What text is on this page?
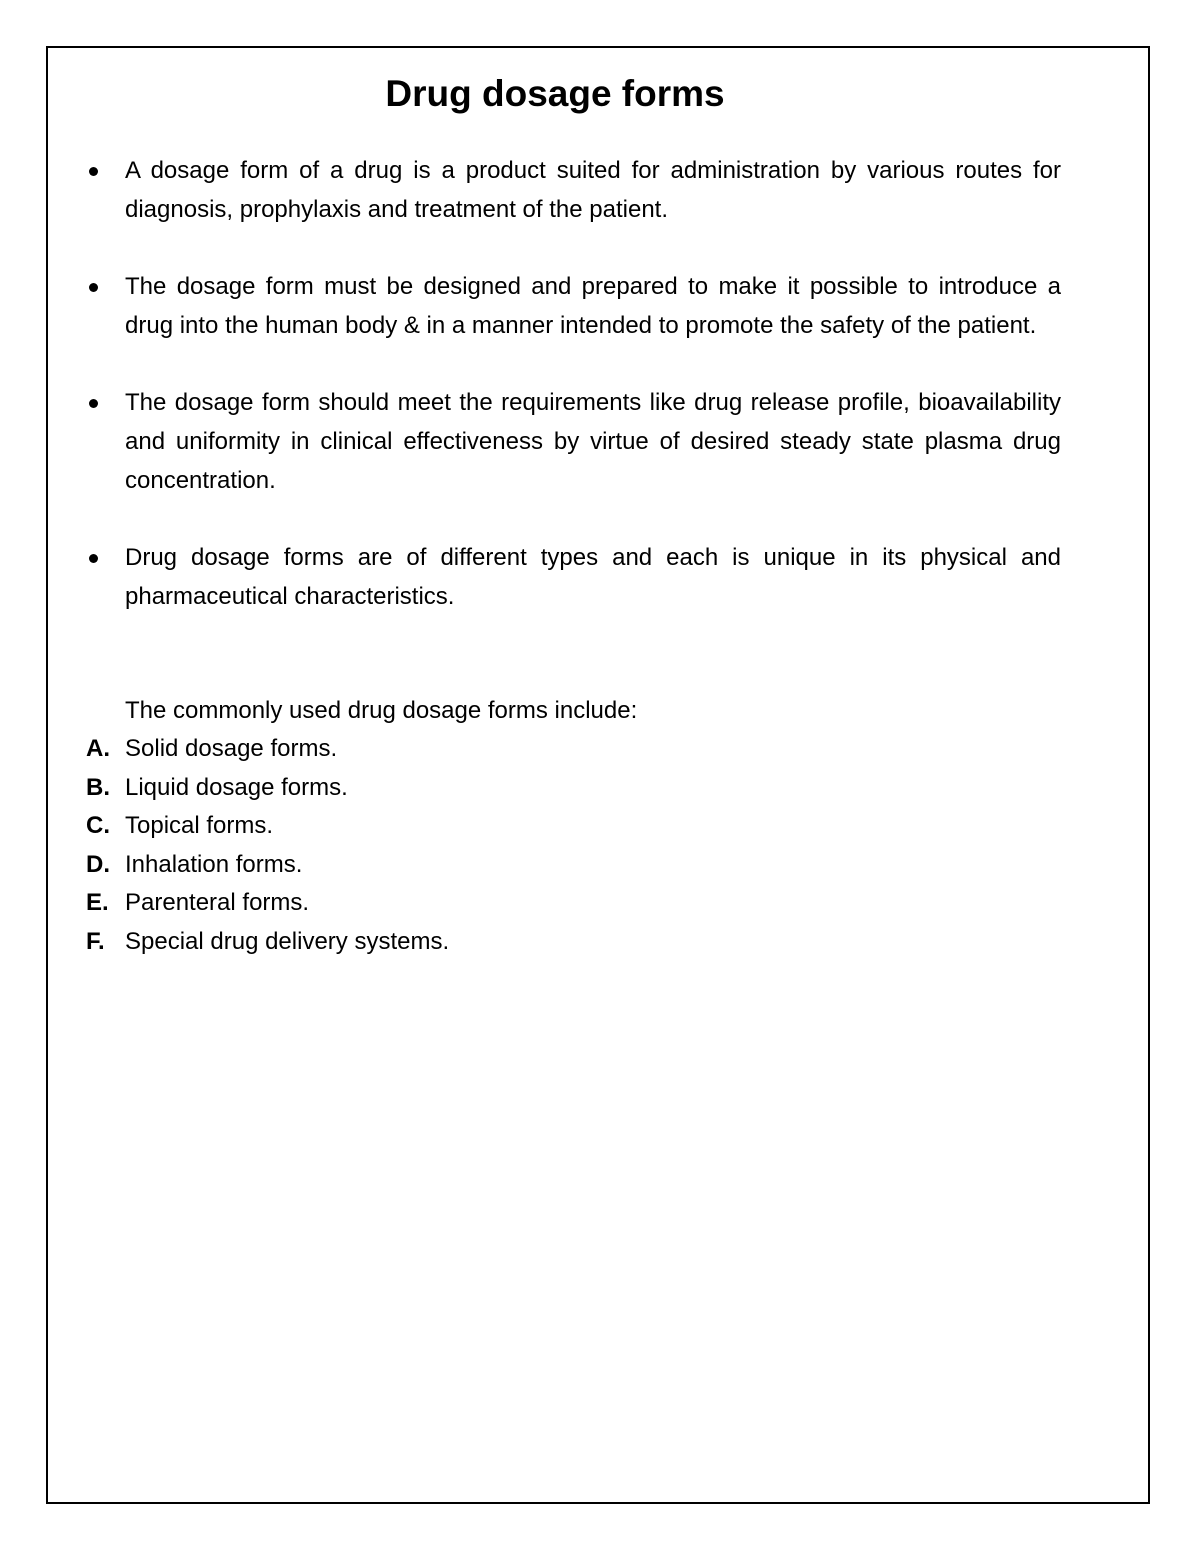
Drug dosage forms
A dosage form of a drug is a product suited for administration by various routes for diagnosis, prophylaxis and treatment of the patient.
The dosage form must be designed and prepared to make it possible to introduce a drug into the human body & in a manner intended to promote the safety of the patient.
The dosage form should meet the requirements like drug release profile, bioavailability and uniformity in clinical effectiveness by virtue of desired steady state plasma drug concentration.
Drug dosage forms are of different types and each is unique in its physical and pharmaceutical characteristics.

The commonly used drug dosage forms include:

A. Solid dosage forms.
B. Liquid dosage forms.
C. Topical forms.
D. Inhalation forms.
E. Parenteral forms.
F. Special drug delivery systems.
